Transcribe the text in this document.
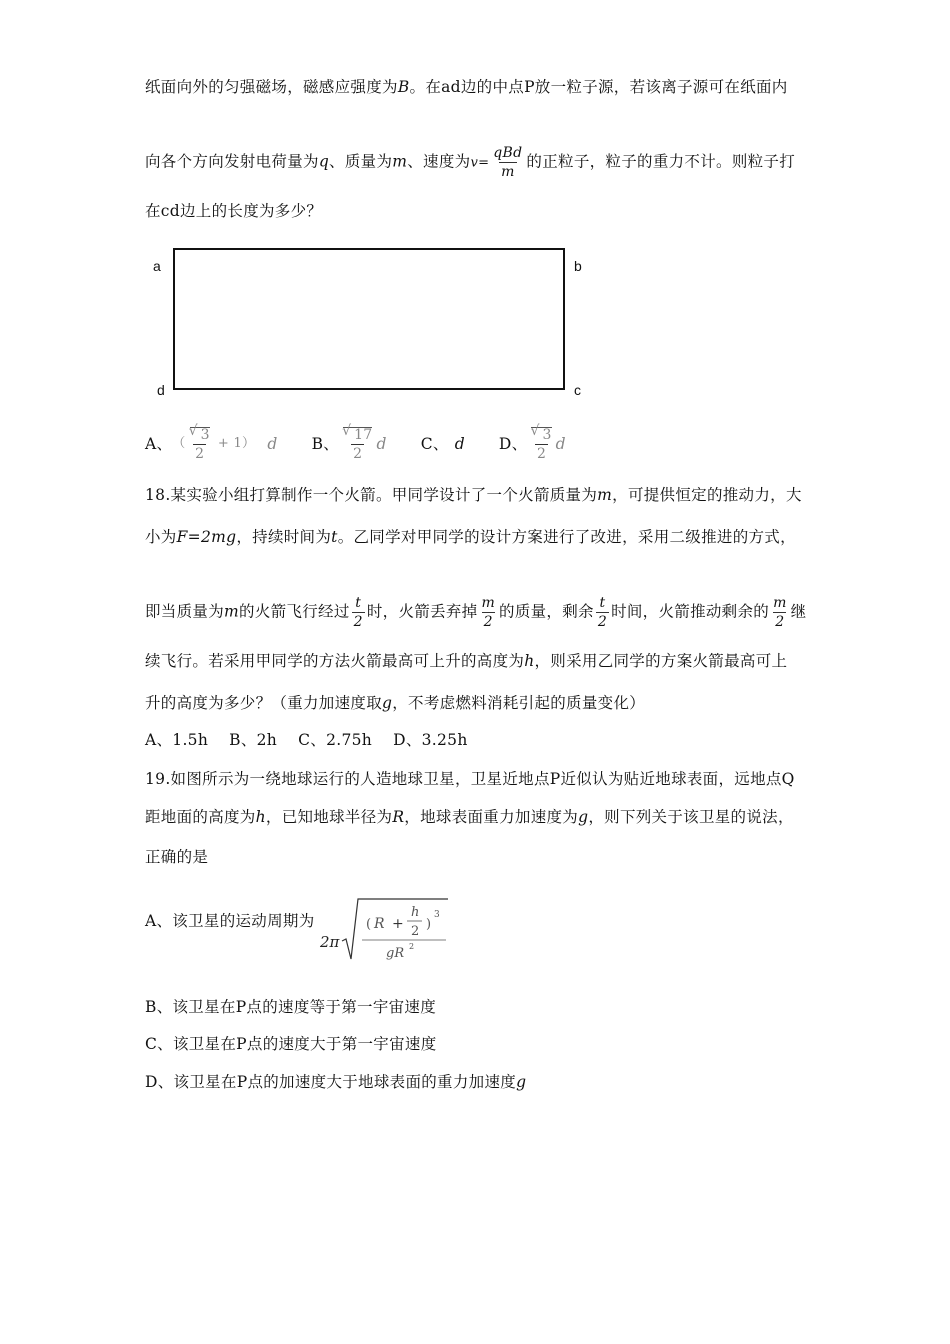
纸面向外的匀强磁场，磁感应强度为B。在ad边的中点P放一粒子源，若该离子源可在纸面内
向各个方向发射电荷量为q、质量为m、速度为v=
qBd
m
的正粒子，粒子的重力不计。则粒子打
在cd边上的长度为多少？
a	b
d	c
A、 （
√ 3
2
+ 1） d B、	√ 17
2
d C、 d D、	√ 3
2
d
18.某实验小组打算制作一个火箭。甲同学设计了一个火箭质量为m，可提供恒定的推动力，大
小为F=2mg，持续时间为t。乙同学对甲同学的设计方案进行了改进，采用二级推进的方式，
即当质量为m的火箭飞行经过 $\frac{t}{2}$ 时，火箭丢弃掉 $\frac{m}{2}$ 的质量，剩余 $\frac{t}{2}$ 时间，火箭推动剩余的 $\frac{m}{2}$ 继
续飞行。若采用甲同学的方法火箭最高可上升的高度为h，则采用乙同学的方案火箭最高可上
升的高度为多少？（重力加速度取g，不考虑燃料消耗引起的质量变化）
A、1.5h　 B、2h　 C、2.75h　 D、3.25h
19.如图所示为一绕地球运行的人造地球卫星，卫星近地点P近似认为贴近地球表面，远地点Q
距地面的高度为h，已知地球半径为R，地球表面重力加速度为g，则下列关于该卫星的说法，
正确的是
A、该卫星的运动周期为
2π
( R +
h
2 )
3
gR 2
B、该卫星在P点的速度等于第一宇宙速度
C、该卫星在P点的速度大于第一宇宙速度
D、该卫星在P点的加速度大于地球表面的重力加速度g
